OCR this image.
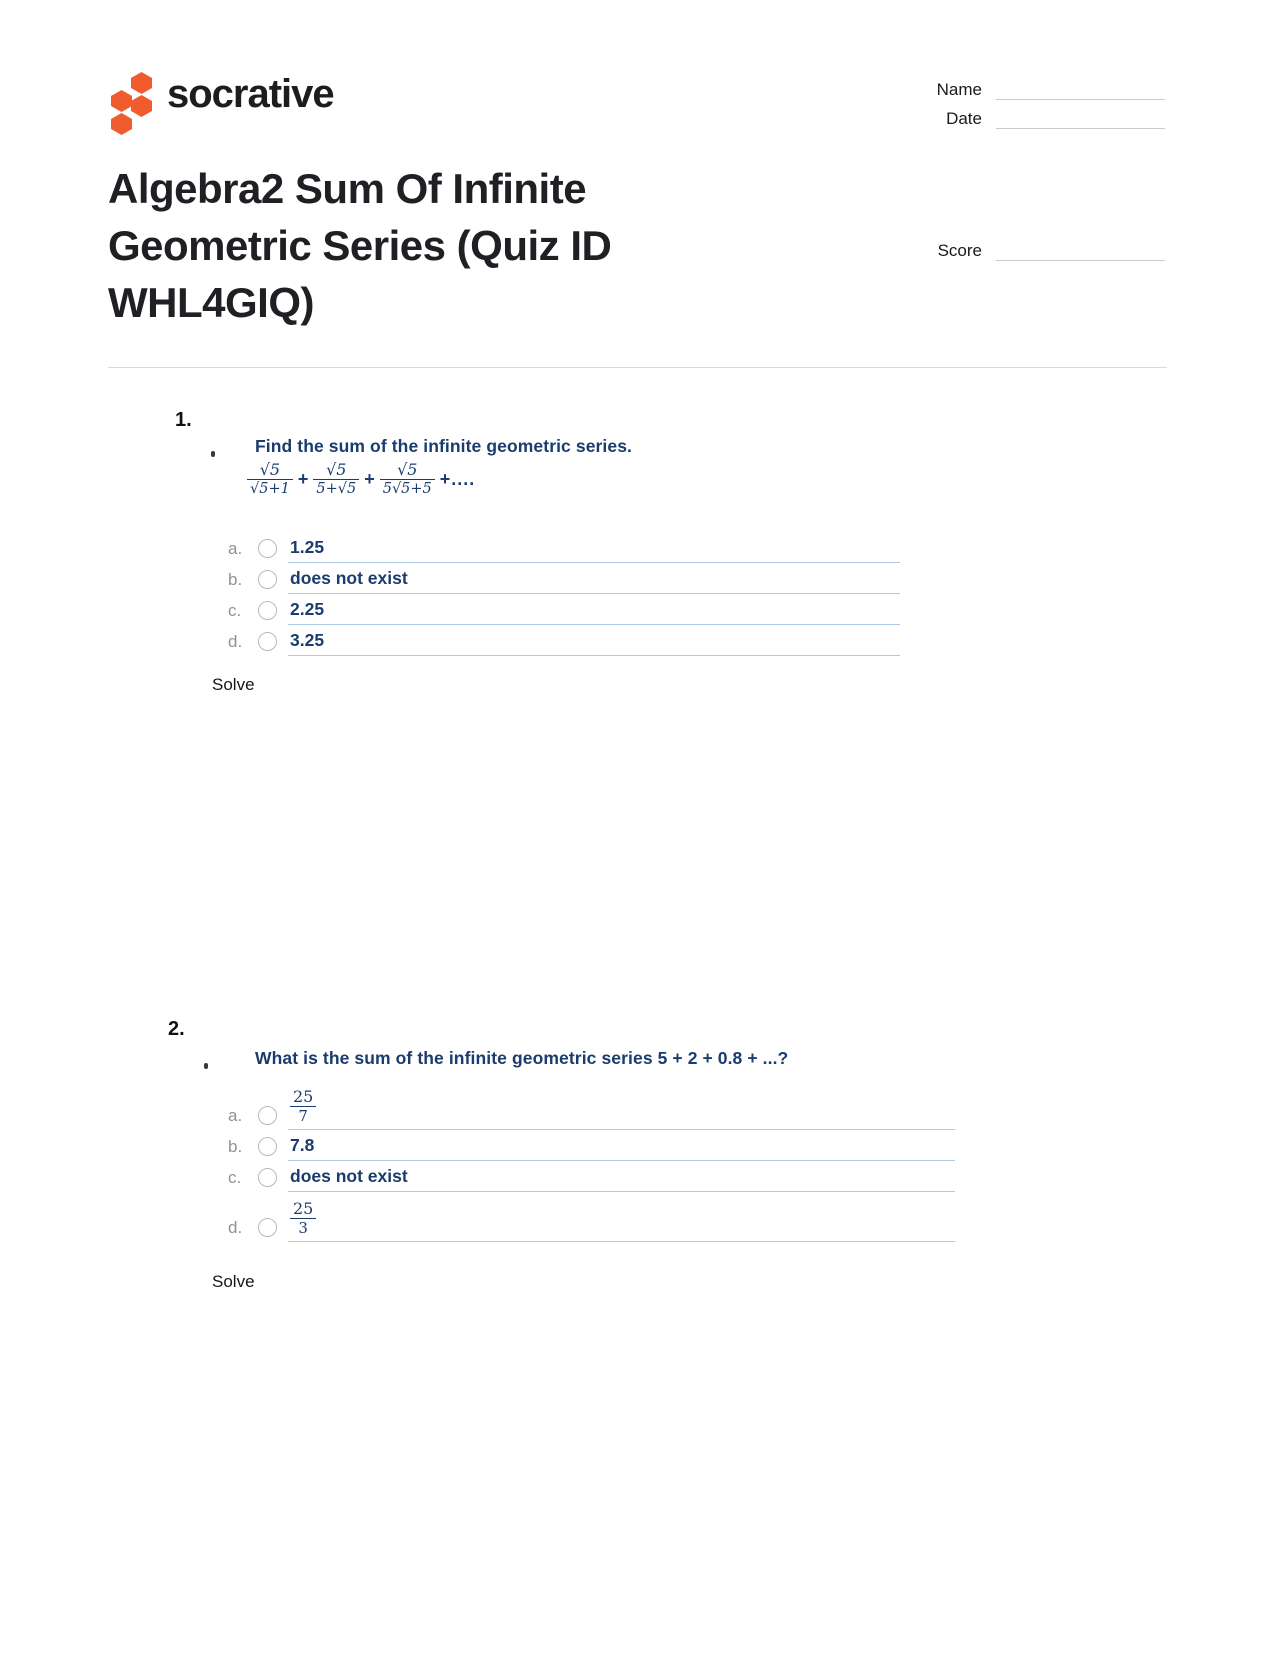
socrative	Name
Date
Score
Algebra2 Sum Of Infinite Geometric Series (Quiz ID WHL4GIQ)
1.
Find the sum of the infinite geometric series.
$\frac{√5}{√5+1} + \frac{√5}{5+√5} + \frac{√5}{5√5+5}$ +....
a.	1.25
b.	does not exist
c.	2.25
d.	3.25
Solve
2.
What is the sum of the infinite geometric series 5 + 2 + 0.8 + ...?
a.	$\frac{25}{7}$
b.	7.8
c.	does not exist
d.	$\frac{25}{3}$
Solve
